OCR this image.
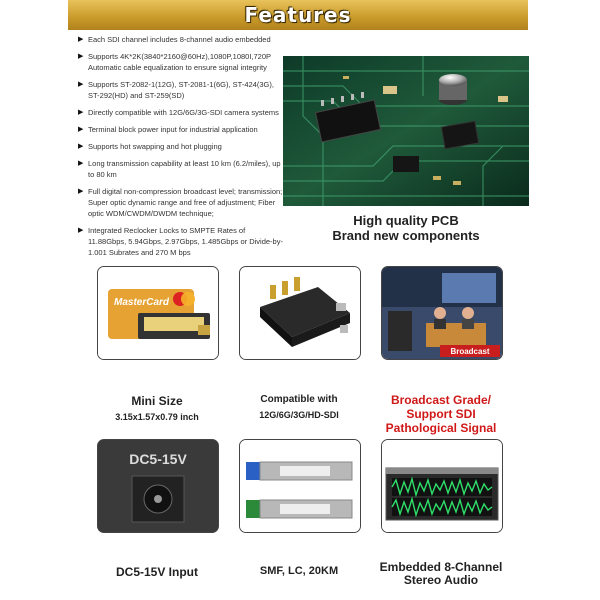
Features
▶ Each SDI channel includes 8-channel audio embedded
▶ Supports 4K*2K(3840*2160@60Hz),1080P,1080I,720P Automatic cable equalization to ensure signal integrity
▶ Supports ST-2082-1(12G), ST-2081-1(6G), ST-424(3G), ST-292(HD) and ST-259(SD)
▶ Directly compatible with 12G/6G/3G-SDI camera systems
▶ Terminal block power input for industrial application
▶ Supports hot swapping and hot plugging
▶ Long transmission capability at least 10 km (6.2/miles), up to 80 km
▶ Full digital non-compression broadcast level; transmission; Super optic dynamic range and free of adjustment; Fiber optic WDM/CWDM/DWDM technique;
▶ Integrated Reclocker Locks to SMPTE Rates of 11.88Gbps, 5.94Gbps, 2.97Gbps, 1.485Gbps or Divide-by-1.001 Subrates and 270 M bps
High quality PCB
Brand new components
MasterCard
Mini Size
3.15x1.57x0.79 inch
Compatible with
12G/6G/3G/HD-SDI
Broadcast
Broadcast Grade/
Support SDI
Pathological Signal
DC5-15V
DC5-15V Input	SMF, LC, 20KM	Embedded 8-Channel
Stereo Audio
